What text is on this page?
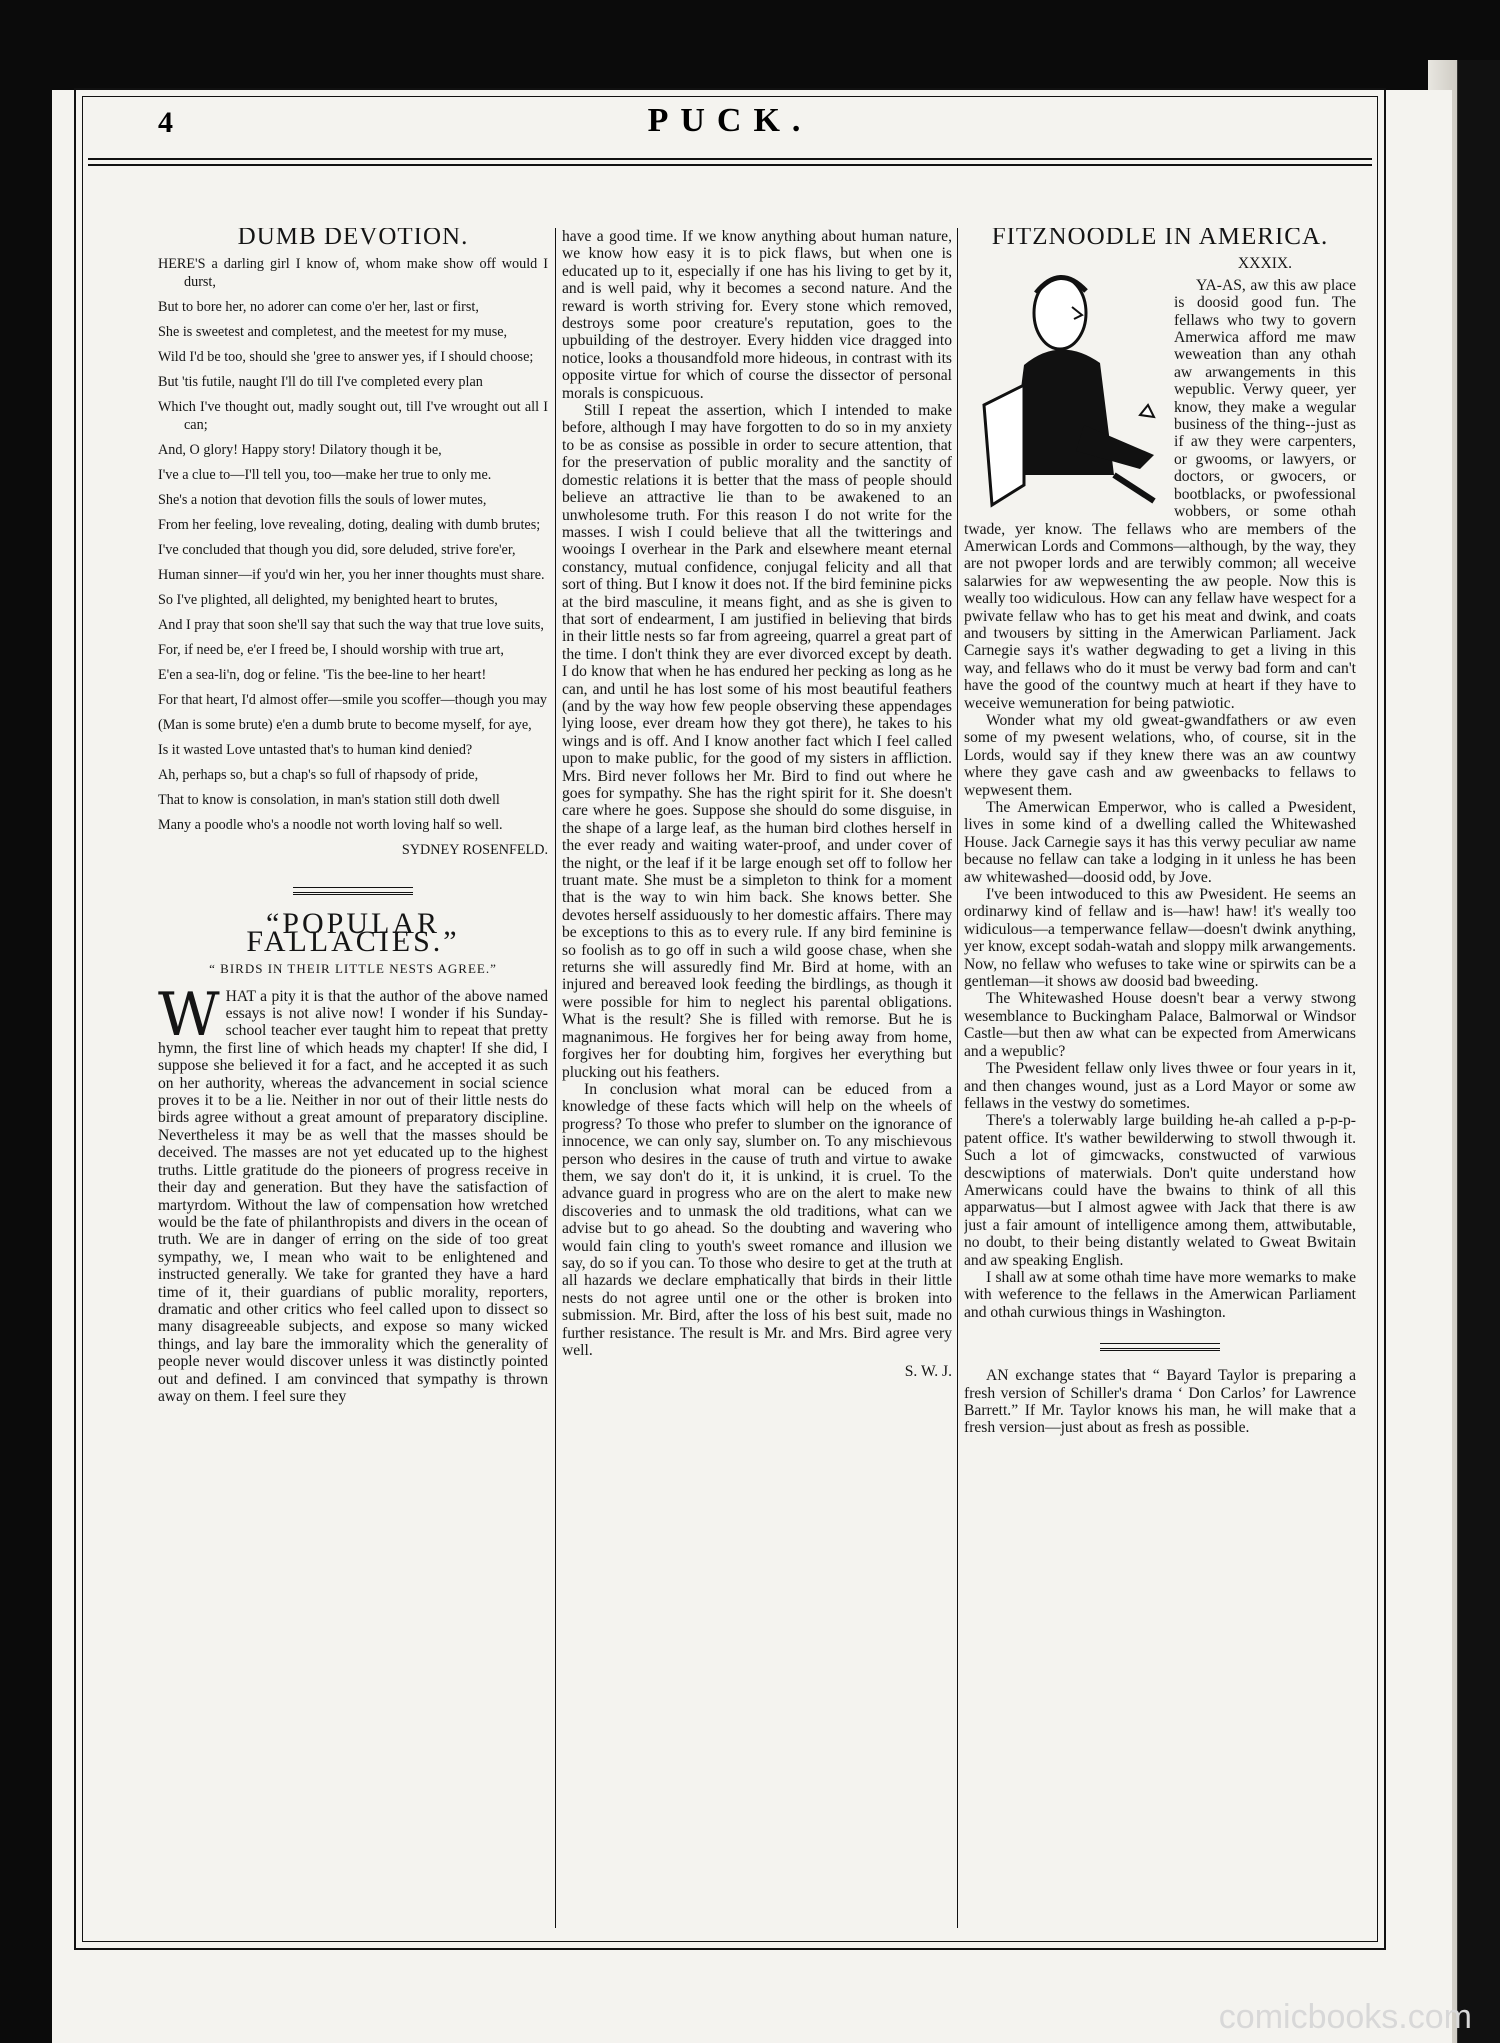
4	PUCK.
DUMB DEVOTION.

HERE'S a darling girl I know of, whom make show off would I durst,

But to bore her, no adorer can come o'er her, last or first,

She is sweetest and completest, and the meetest for my muse,

Wild I'd be too, should she 'gree to answer yes, if I should choose;

But 'tis futile, naught I'll do till I've completed every plan

Which I've thought out, madly sought out, till I've wrought out all I can;

And, O glory! Happy story! Dilatory though it be,

I've a clue to—I'll tell you, too—make her true to only me.

She's a notion that devotion fills the souls of lower mutes,

From her feeling, love revealing, doting, dealing with dumb brutes;

I've concluded that though you did, sore deluded, strive fore'er,

Human sinner—if you'd win her, you her inner thoughts must share.

So I've plighted, all delighted, my benighted heart to brutes,

And I pray that soon she'll say that such the way that true love suits,

For, if need be, e'er I freed be, I should worship with true art,

E'en a sea-li'n, dog or feline. 'Tis the bee-line to her heart!

For that heart, I'd almost offer—smile you scoffer—though you may

(Man is some brute) e'en a dumb brute to become myself, for aye,

Is it wasted Love untasted that's to human kind denied?

Ah, perhaps so, but a chap's so full of rhapsody of pride,

That to know is consolation, in man's station still doth dwell

Many a poodle who's a noodle not worth loving half so well.

SYDNEY ROSENFELD.

“POPULAR FALLACIES.”
“ BIRDS IN THEIR LITTLE NESTS AGREE.”

WHAT a pity it is that the author of the above named essays is not alive now! I wonder if his Sunday-school teacher ever taught him to repeat that pretty hymn, the first line of which heads my chapter! If she did, I suppose she believed it for a fact, and he accepted it as such on her authority, whereas the advancement in social science proves it to be a lie. Neither in nor out of their little nests do birds agree without a great amount of preparatory discipline. Nevertheless it may be as well that the masses should be deceived. The masses are not yet educated up to the highest truths. Little gratitude do the pioneers of progress receive in their day and generation. But they have the satisfaction of martyrdom. Without the law of compensation how wretched would be the fate of philanthropists and divers in the ocean of truth. We are in danger of erring on the side of too great sympathy, we, I mean who wait to be enlightened and instructed generally. We take for granted they have a hard time of it, their guardians of public morality, reporters, dramatic and other critics who feel called upon to dissect so many disagreeable subjects, and expose so many wicked things, and lay bare the immorality which the generality of people never would discover unless it was distinctly pointed out and defined. I am convinced that sympathy is thrown away on them. I feel sure they

have a good time. If we know anything about human nature, we know how easy it is to pick flaws, but when one is educated up to it, especially if one has his living to get by it, and is well paid, why it becomes a second nature. And the reward is worth striving for. Every stone which removed, destroys some poor creature's reputation, goes to the upbuilding of the destroyer. Every hidden vice dragged into notice, looks a thousandfold more hideous, in contrast with its opposite virtue for which of course the dissector of personal morals is conspicuous.

Still I repeat the assertion, which I intended to make before, although I may have forgotten to do so in my anxiety to be as consise as possible in order to secure attention, that for the preservation of public morality and the sanctity of domestic relations it is better that the mass of people should believe an attractive lie than to be awakened to an unwholesome truth. For this reason I do not write for the masses. I wish I could believe that all the twitterings and wooings I overhear in the Park and elsewhere meant eternal constancy, mutual confidence, conjugal felicity and all that sort of thing. But I know it does not. If the bird feminine picks at the bird masculine, it means fight, and as she is given to that sort of endearment, I am justified in believing that birds in their little nests so far from agreeing, quarrel a great part of the time. I don't think they are ever divorced except by death. I do know that when he has endured her pecking as long as he can, and until he has lost some of his most beautiful feathers (and by the way how few people observing these appendages lying loose, ever dream how they got there), he takes to his wings and is off. And I know another fact which I feel called upon to make public, for the good of my sisters in affliction. Mrs. Bird never follows her Mr. Bird to find out where he goes for sympathy. She has the right spirit for it. She doesn't care where he goes. Suppose she should do some disguise, in the shape of a large leaf, as the human bird clothes herself in the ever ready and waiting water-proof, and under cover of the night, or the leaf if it be large enough set off to follow her truant mate. She must be a simpleton to think for a moment that is the way to win him back. She knows better. She devotes herself assiduously to her domestic affairs. There may be exceptions to this as to every rule. If any bird feminine is so foolish as to go off in such a wild goose chase, when she returns she will assuredly find Mr. Bird at home, with an injured and bereaved look feeding the birdlings, as though it were possible for him to neglect his parental obligations. What is the result? She is filled with remorse. But he is magnanimous. He forgives her for being away from home, forgives her for doubting him, forgives her everything but plucking out his feathers.

In conclusion what moral can be educed from a knowledge of these facts which will help on the wheels of progress? To those who prefer to slumber on the ignorance of innocence, we can only say, slumber on. To any mischievous person who desires in the cause of truth and virtue to awake them, we say don't do it, it is unkind, it is cruel. To the advance guard in progress who are on the alert to make new discoveries and to unmask the old traditions, what can we advise but to go ahead. So the doubting and wavering who would fain cling to youth's sweet romance and illusion we say, do so if you can. To those who desire to get at the truth at all hazards we declare emphatically that birds in their little nests do not agree until one or the other is broken into submission. Mr. Bird, after the loss of his best suit, made no further resistance. The result is Mr. and Mrs. Bird agree very well.

S. W. J.
FITZNOODLE IN AMERICA.
XXXIX.

YA-AS, aw this aw place is doosid good fun. The fellaws who twy to govern Amerwica afford me maw weweation than any othah aw arwangements in this wepublic. Verwy queer, yer know, they make a wegular business of the thing--just as if aw they were carpenters, or gwooms, or lawyers, or doctors, or gwocers, or bootblacks, or pwofessional wobbers, or some othah twade, yer know. The fellaws who are members of the Amerwican Lords and Commons—although, by the way, they are not pwoper lords and are terwibly common; all weceive salarwies for aw wepwesenting the aw people. Now this is weally too widiculous. How can any fellaw have wespect for a pwivate fellaw who has to get his meat and dwink, and coats and twousers by sitting in the Amerwican Parliament. Jack Carnegie says it's wather degwading to get a living in this way, and fellaws who do it must be verwy bad form and can't have the good of the countwy much at heart if they have to weceive wemuneration for being patwiotic.

Wonder what my old gweat-gwandfathers or aw even some of my pwesent welations, who, of course, sit in the Lords, would say if they knew there was an aw countwy where they gave cash and aw gweenbacks to fellaws to wepwesent them.

The Amerwican Emperwor, who is called a Pwesident, lives in some kind of a dwelling called the Whitewashed House. Jack Carnegie says it has this verwy peculiar aw name because no fellaw can take a lodging in it unless he has been aw whitewashed—doosid odd, by Jove.

I've been intwoduced to this aw Pwesident. He seems an ordinarwy kind of fellaw and is—haw! haw! it's weally too widiculous—a temperwance fellaw—doesn't dwink anything, yer know, except sodah-watah and sloppy milk arwangements. Now, no fellaw who wefuses to take wine or spirwits can be a gentleman—it shows aw doosid bad bweeding.

The Whitewashed House doesn't bear a verwy stwong wesemblance to Buckingham Palace, Balmorwal or Windsor Castle—but then aw what can be expected from Amerwicans and a wepublic?

The Pwesident fellaw only lives thwee or four years in it, and then changes wound, just as a Lord Mayor or some aw fellaws in the vestwy do sometimes.

There's a tolerwably large building he-ah called a p-p-p-patent office. It's wather bewilderwing to stwoll thwough it. Such a lot of gimcwacks, constwucted of varwious descwiptions of materwials. Don't quite understand how Amerwicans could have the bwains to think of all this apparwatus—but I almost agwee with Jack that there is aw just a fair amount of intelligence among them, attwibutable, no doubt, to their being distantly welated to Gweat Bwitain and aw speaking English.

I shall aw at some othah time have more wemarks to make with weference to the fellaws in the Amerwican Parliament and othah curwious things in Washington.

AN exchange states that “ Bayard Taylor is preparing a fresh version of Schiller's drama ‘ Don Carlos’ for Lawrence Barrett.” If Mr. Taylor knows his man, he will make that a fresh version—just about as fresh as possible.

comicbooks.com
